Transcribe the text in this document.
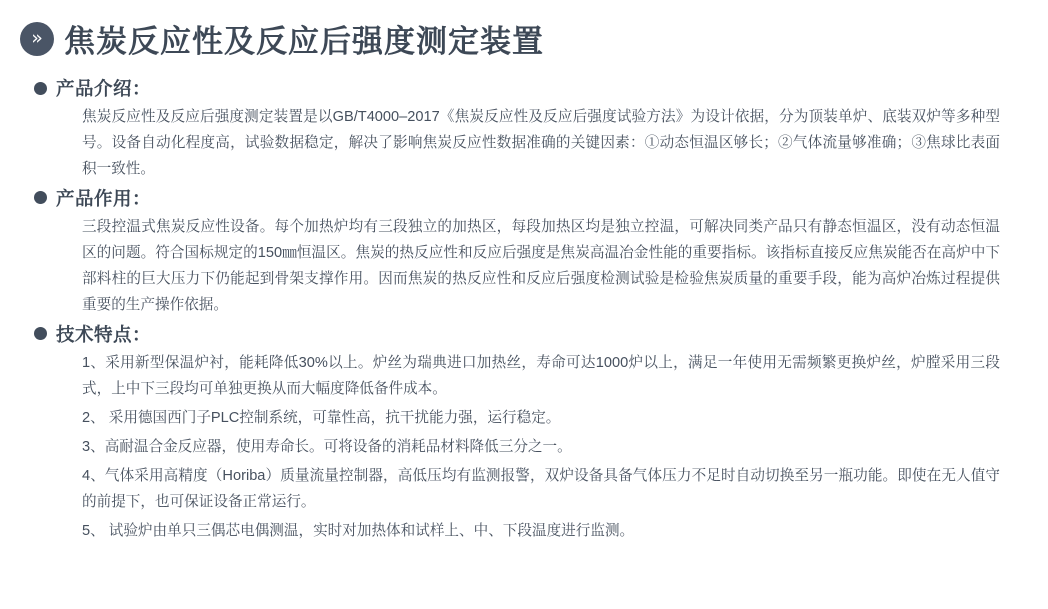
» 焦炭反应性及反应后强度测定装置
产品介绍：

焦炭反应性及反应后强度测定装置是以GB/T4000–2017《焦炭反应性及反应后强度试验方法》为设计依据，分为顶装单炉、底装双炉等多种型号。设备自动化程度高，试验数据稳定，解决了影响焦炭反应性数据准确的关键因素：①动态恒温区够长；②气体流量够准确；③焦球比表面积一致性。

产品作用：

三段控温式焦炭反应性设备。每个加热炉均有三段独立的加热区，每段加热区均是独立控温，可解决同类产品只有静态恒温区，没有动态恒温区的问题。符合国标规定的150㎜恒温区。焦炭的热反应性和反应后强度是焦炭高温冶金性能的重要指标。该指标直接反应焦炭能否在高炉中下部料柱的巨大压力下仍能起到骨架支撑作用。因而焦炭的热反应性和反应后强度检测试验是检验焦炭质量的重要手段，能为高炉冶炼过程提供重要的生产操作依据。

技术特点：

1、采用新型保温炉衬，能耗降低30%以上。炉丝为瑞典进口加热丝，寿命可达1000炉以上，满足一年使用无需频繁更换炉丝，炉膛采用三段式，上中下三段均可单独更换从而大幅度降低备件成本。

2、 采用德国西门子PLC控制系统，可靠性高，抗干扰能力强，运行稳定。

3、高耐温合金反应器，使用寿命长。可将设备的消耗品材料降低三分之一。

4、气体采用高精度（Horiba）质量流量控制器，高低压均有监测报警，双炉设备具备气体压力不足时自动切换至另一瓶功能。即使在无人值守的前提下，也可保证设备正常运行。

5、 试验炉由单只三偶芯电偶测温，实时对加热体和试样上、中、下段温度进行监测。
